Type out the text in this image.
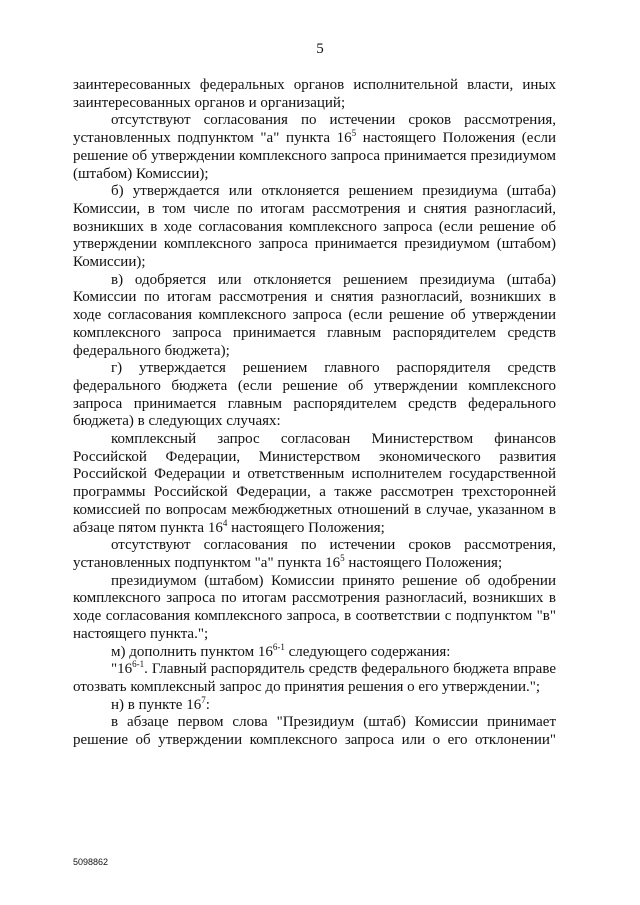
5

заинтересованных федеральных органов исполнительной власти, иных заинтересованных органов и организаций;

отсутствуют согласования по истечении сроков рассмотрения, установленных подпунктом "а" пункта $16^5$ настоящего Положения (если решение об утверждении комплексного запроса принимается президиумом (штабом) Комиссии);

б) утверждается или отклоняется решением президиума (штаба) Комиссии, в том числе по итогам рассмотрения и снятия разногласий, возникших в ходе согласования комплексного запроса (если решение об утверждении комплексного запроса принимается президиумом (штабом) Комиссии);

в) одобряется или отклоняется решением президиума (штаба) Комиссии по итогам рассмотрения и снятия разногласий, возникших в ходе согласования комплексного запроса (если решение об утверждении комплексного запроса принимается главным распорядителем средств федерального бюджета);

г) утверждается решением главного распорядителя средств федерального бюджета (если решение об утверждении комплексного запроса принимается главным распорядителем средств федерального бюджета) в следующих случаях:

комплексный запрос согласован Министерством финансов Российской Федерации, Министерством экономического развития Российской Федерации и ответственным исполнителем государственной программы Российской Федерации, а также рассмотрен трехсторонней комиссией по вопросам межбюджетных отношений в случае, указанном в абзаце пятом пункта $16^4$ настоящего Положения;

отсутствуют согласования по истечении сроков рассмотрения, установленных подпунктом "а" пункта $16^5$ настоящего Положения;

президиумом (штабом) Комиссии принято решение об одобрении комплексного запроса по итогам рассмотрения разногласий, возникших в ходе согласования комплексного запроса, в соответствии с подпунктом "в" настоящего пункта.";

м) дополнить пунктом 16$^{6-1}$ следующего содержания:

"16$^{6-1}$. Главный распорядитель средств федерального бюджета вправе отозвать комплексный запрос до принятия решения о его утверждении.";

н) в пункте $16^7$:

в абзаце первом слова "Президиум (штаб) Комиссии принимает решение об утверждении комплексного запроса или о его отклонении"

5098862
